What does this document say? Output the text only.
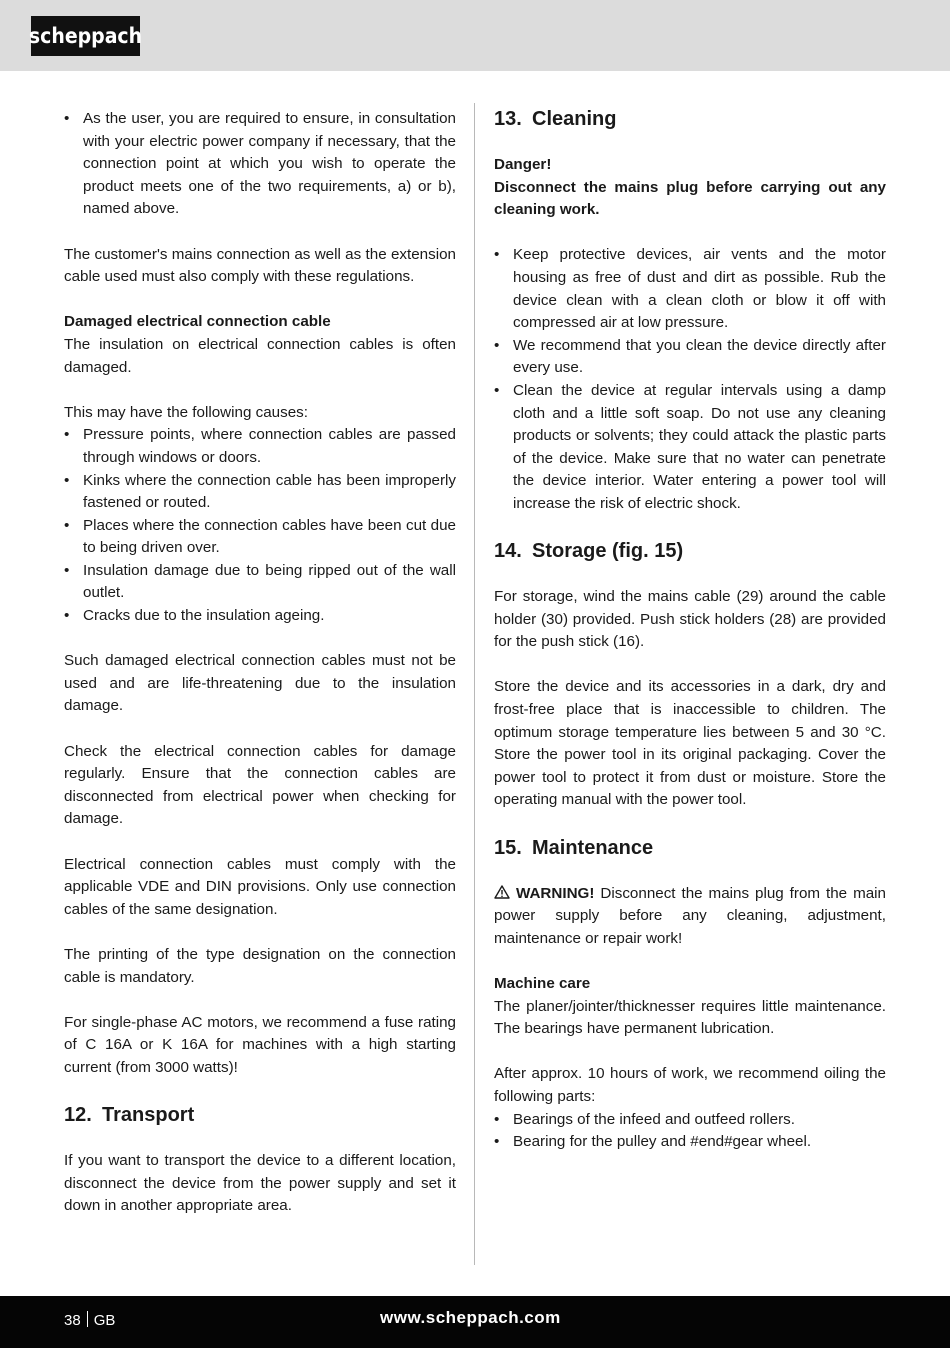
scheppach
• As the user, you are required to ensure, in consultation with your electric power company if necessary, that the connection point at which you wish to operate the product meets one of the two requirements, a) or b), named above.

The customer's mains connection as well as the extension cable used must also comply with these regulations.

Damaged electrical connection cable

The insulation on electrical connection cables is often damaged.

This may have the following causes:

• Pressure points, where connection cables are passed through windows or doors.
• Kinks where the connection cable has been improperly fastened or routed.
• Places where the connection cables have been cut due to being driven over.
• Insulation damage due to being ripped out of the wall outlet.
• Cracks due to the insulation ageing.

Such damaged electrical connection cables must not be used and are life-threatening due to the insulation damage.

Check the electrical connection cables for damage regularly. Ensure that the connection cables are disconnected from electrical power when checking for damage.

Electrical connection cables must comply with the applicable VDE and DIN provisions. Only use connection cables of the same designation.

The printing of the type designation on the connection cable is mandatory.

For single-phase AC motors, we recommend a fuse rating of C 16A or K 16A for machines with a high starting current (from 3000 watts)!

12. Transport

If you want to transport the device to a different location, disconnect the device from the power supply and set it down in another appropriate area.

13. Cleaning

Danger!

Disconnect the mains plug before carrying out any cleaning work.

• Keep protective devices, air vents and the motor housing as free of dust and dirt as possible. Rub the device clean with a clean cloth or blow it off with compressed air at low pressure.
• We recommend that you clean the device directly after every use.
• Clean the device at regular intervals using a damp cloth and a little soft soap. Do not use any cleaning products or solvents; they could attack the plastic parts of the device. Make sure that no water can penetrate the device interior. Water entering a power tool will increase the risk of electric shock.
14. Storage (fig. 15)

For storage, wind the mains cable (29) around the cable holder (30) provided. Push stick holders (28) are provided for the push stick (16).

Store the device and its accessories in a dark, dry and frost-free place that is inaccessible to children. The optimum storage temperature lies between 5 and 30 °C. Store the power tool in its original packaging. Cover the power tool to protect it from dust or moisture. Store the operating manual with the power tool.

15. Maintenance

WARNING! Disconnect the mains plug from the main power supply before any cleaning, adjustment, maintenance or repair work!

Machine care

The planer/jointer/thicknesser requires little maintenance. The bearings have permanent lubrication.

After approx. 10 hours of work, we recommend oiling the following parts:

• Bearings of the infeed and outfeed rollers.
• Bearing for the pulley and #end#gear wheel.
38 GB	www.scheppach.com
